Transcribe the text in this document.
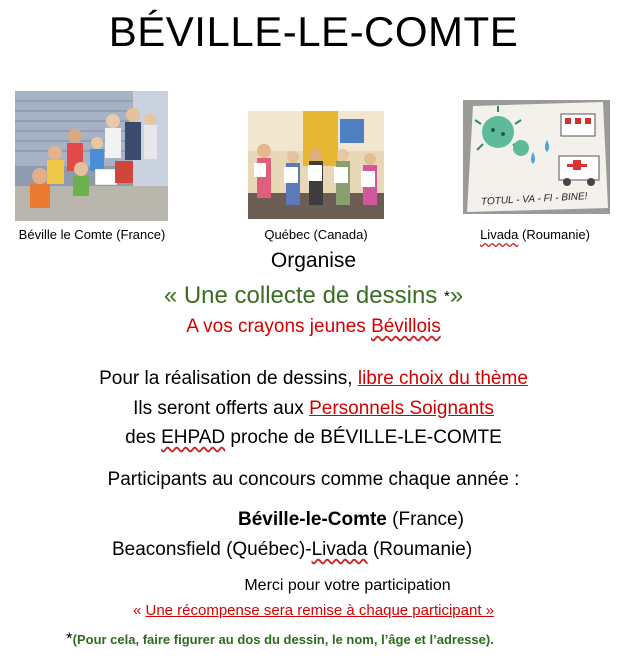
BÉVILLE-LE-COMTE
Béville le Comte (France)	Québec (Canada)
TOTUL - VA - FI - BINE!
Livada (Roumanie)
Organise
« Une collecte de dessins *»
A vos crayons jeunes Bévillois
Pour la réalisation de dessins, libre choix du thème
Ils seront offerts aux Personnels Soignants
des EHPAD proche de BÉVILLE-LE-COMTE
Participants au concours comme chaque année :
Béville-le-Comte (France)
Beaconsfield (Québec)-Livada (Roumanie)
Merci pour votre participation
« Une récompense sera remise à chaque participant »
*(Pour cela, faire figurer au dos du dessin, le nom, l’âge et l’adresse).
